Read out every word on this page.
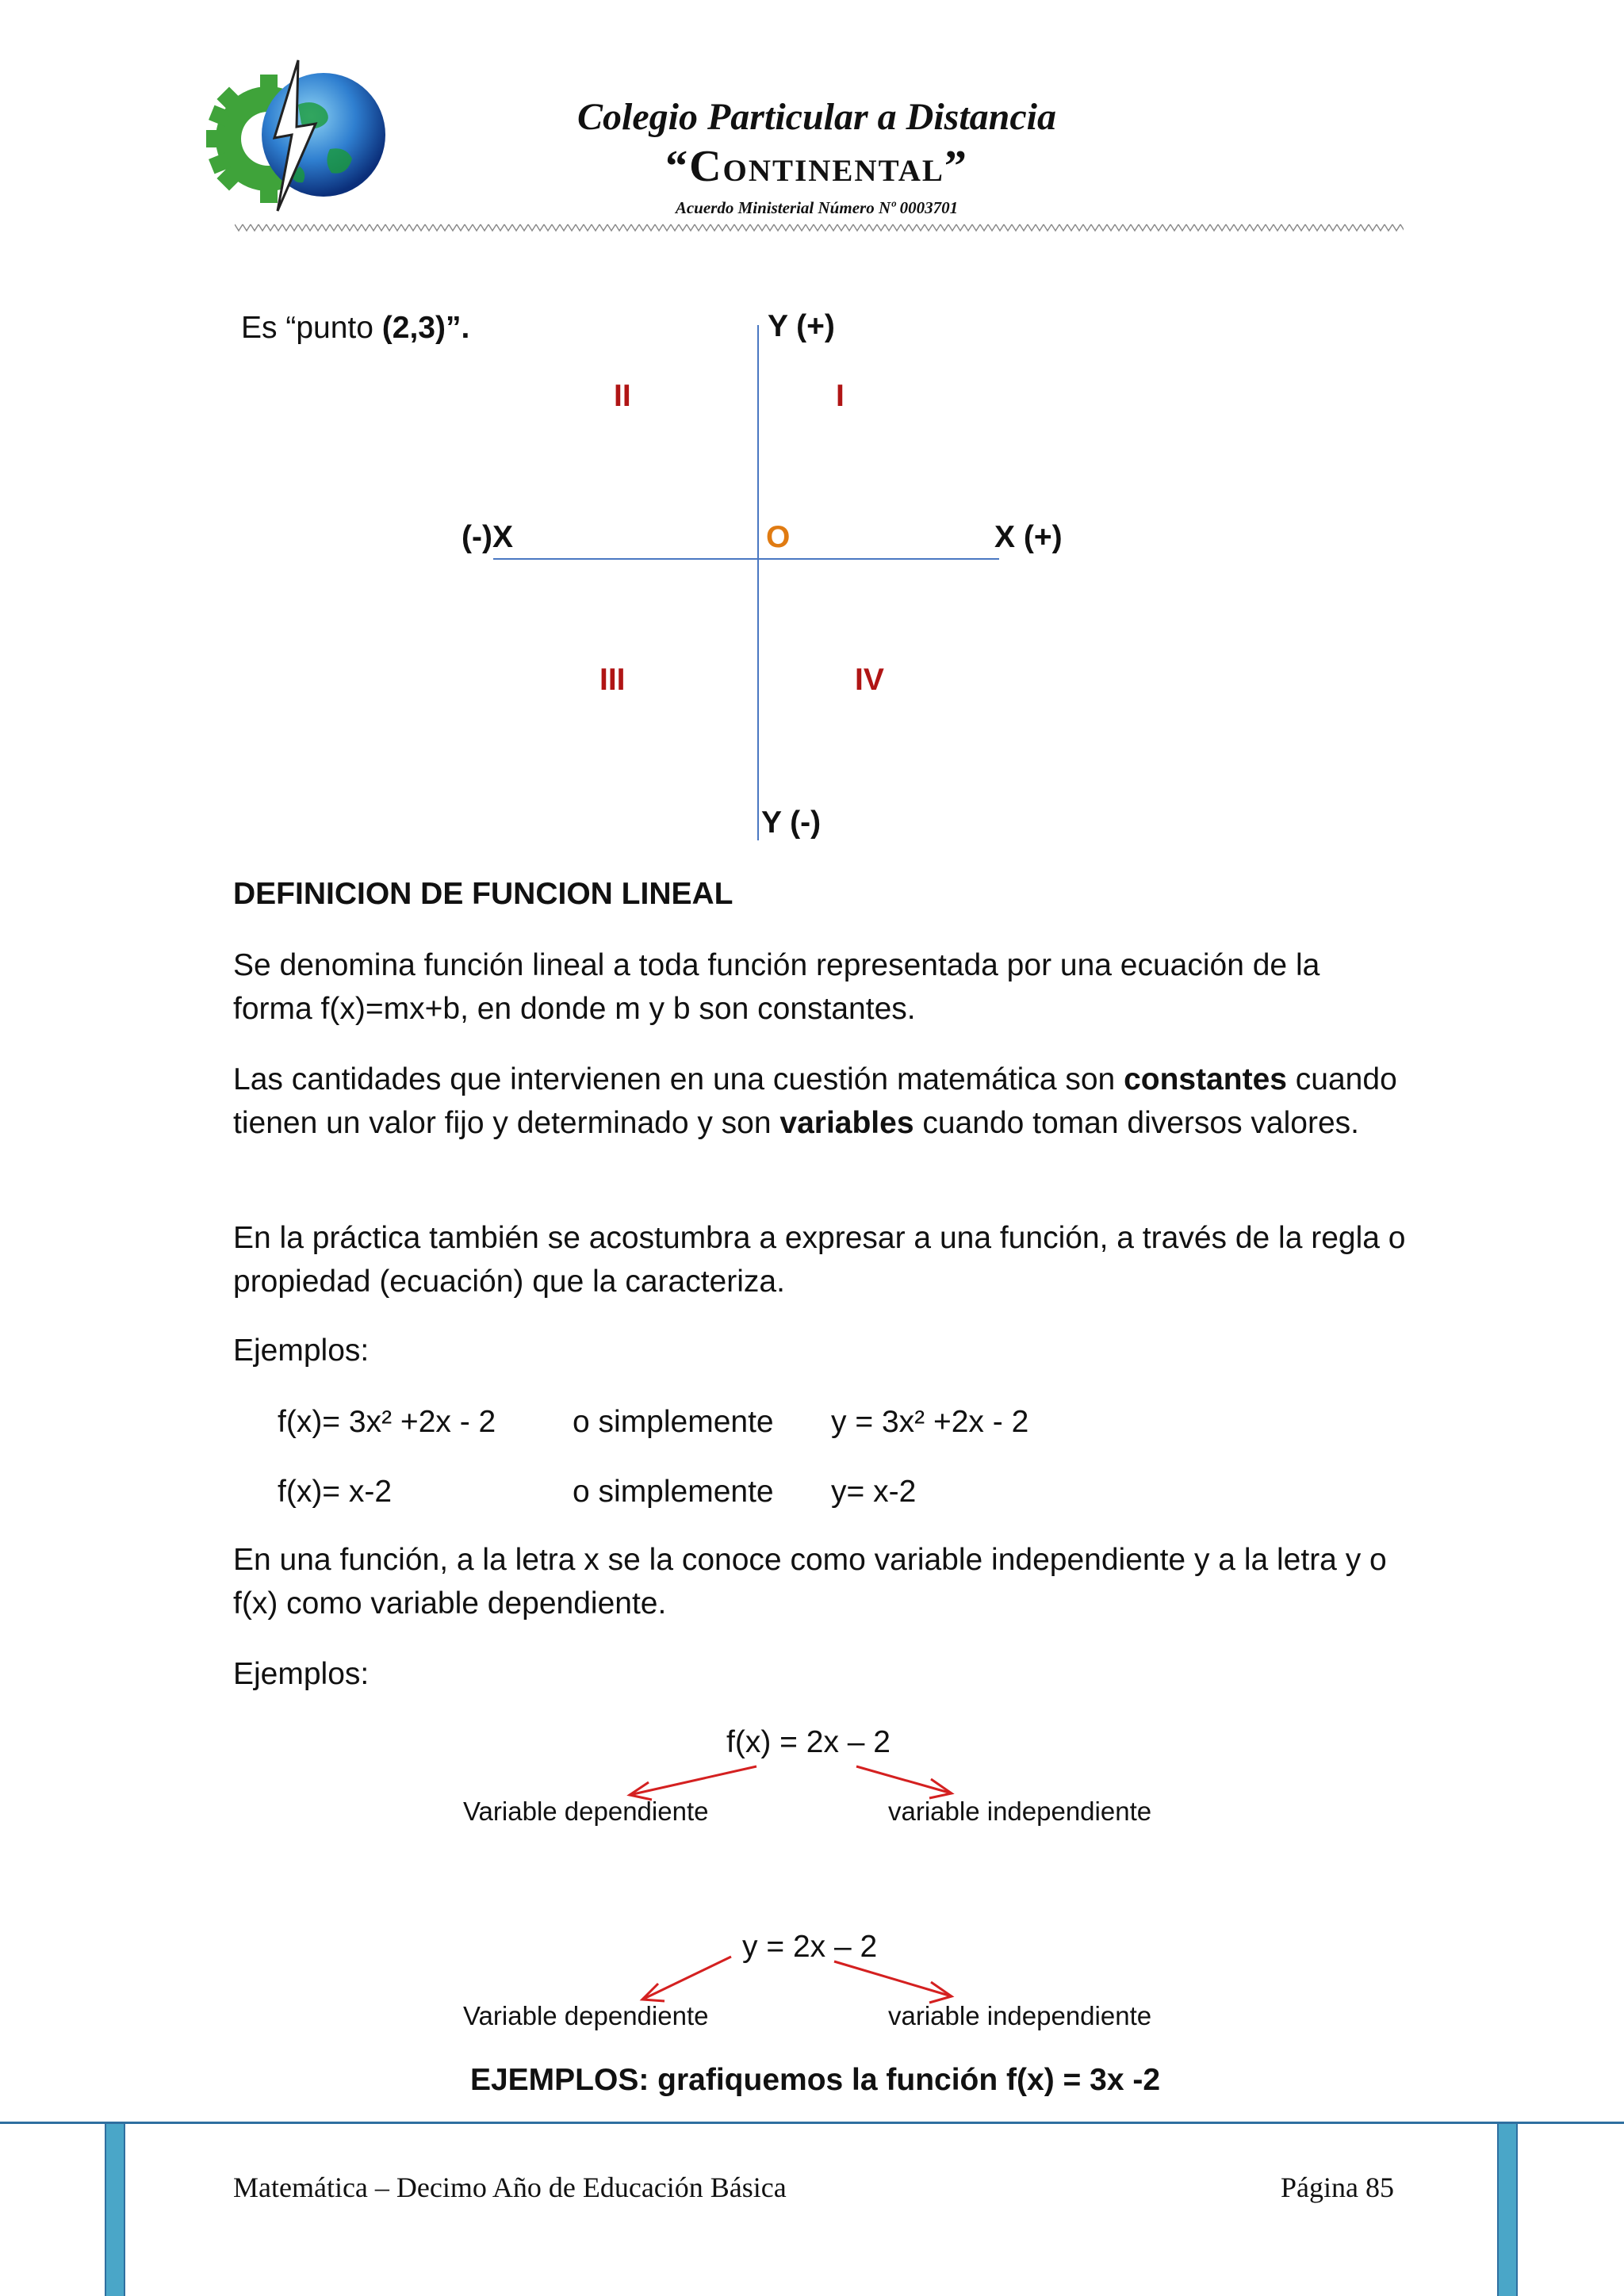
Colegio Particular a Distancia
“Continental”
Acuerdo Ministerial Número Nº 0003701
Es “punto (2,3)”.	Y (+)
Y (-)
(-)X	X (+)
O
I
II
III	IV
DEFINICION DE FUNCION LINEAL
Se denomina función lineal a toda función representada por una ecuación de la forma f(x)=mx+b, en donde m y b son constantes.
Las cantidades que intervienen en una cuestión matemática son constantes cuando tienen un valor fijo y determinado y son variables cuando toman diversos valores.
En la práctica también se acostumbra a expresar a una función, a través de la regla o propiedad (ecuación) que la caracteriza.
Ejemplos:
f(x)= 3x² +2x - 2 o simplemente y = 3x² +2x - 2
f(x)= x-2	o simplemente y= x-2
En una función, a la letra x se la conoce como variable independiente y a la letra y o f(x) como variable dependiente.
Ejemplos:
f(x) = 2x – 2
Variable dependiente	variable independiente
y = 2x – 2
Variable dependiente	variable independiente
EJEMPLOS: grafiquemos la función f(x) = 3x -2
Matemática – Decimo Año de Educación Básica	Página 85
